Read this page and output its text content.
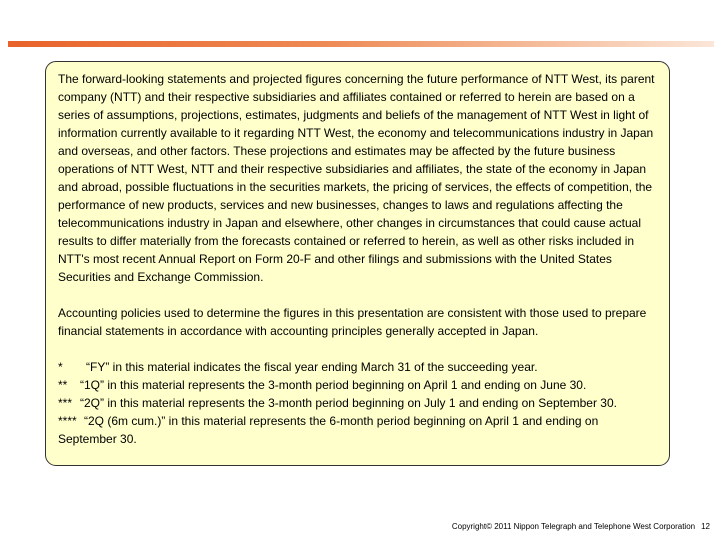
The forward-looking statements and projected figures concerning the future performance of NTT West, its parent company (NTT) and their respective subsidiaries and affiliates contained or referred to herein are based on a series of assumptions, projections, estimates, judgments and beliefs of the management of NTT West in light of information currently available to it regarding NTT West, the economy and telecommunications industry in Japan and overseas, and other factors. These projections and estimates may be affected by the future business operations of NTT West, NTT and their respective subsidiaries and affiliates, the state of the economy in Japan and abroad, possible fluctuations in the securities markets, the pricing of services, the effects of competition, the performance of new products, services and new businesses, changes to laws and regulations affecting the telecommunications industry in Japan and elsewhere, other changes in circumstances that could cause actual results to differ materially from the forecasts contained or referred to herein, as well as other risks included in NTT's most recent Annual Report on Form 20-F and other filings and submissions with the United States Securities and Exchange Commission.

Accounting policies used to determine the figures in this presentation are consistent with those used to prepare financial statements in accordance with accounting principles generally accepted in Japan.

* “FY” in this material indicates the fiscal year ending March 31 of the succeeding year.
** “1Q” in this material represents the 3-month period beginning on April 1 and ending on June 30.
*** “2Q” in this material represents the 3-month period beginning on July 1 and ending on September 30.
**** “2Q (6m cum.)” in this material represents the 6-month period beginning on April 1 and ending on September 30.
Copyright© 2011 Nippon Telegraph and Telephone West Corporation 12
